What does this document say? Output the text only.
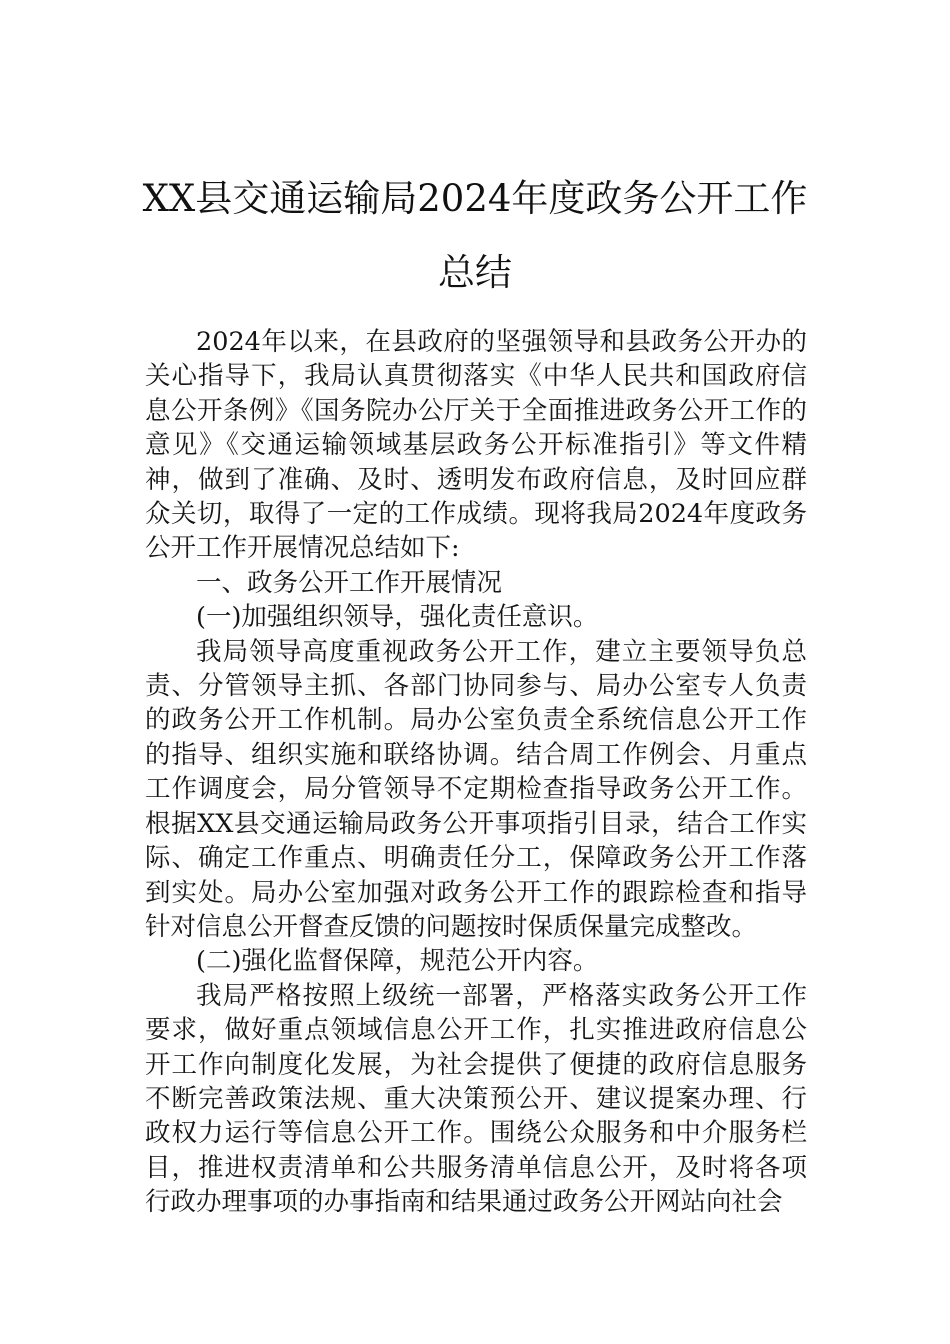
XX县交通运输局2024年度政务公开工作
总结

2024年以来，在县政府的坚强领导和县政务公开办的关心指导下，我局认真贯彻落实《中华人民共和国政府信息公开条例》《国务院办公厅关于全面推进政务公开工作的意见》《交通运输领域基层政务公开标准指引》等文件精神，做到了准确、及时、透明发布政府信息，及时回应群众关切，取得了一定的工作成绩。现将我局2024年度政务公开工作开展情况总结如下:

一、政务公开工作开展情况

(一)加强组织领导，强化责任意识。

我局领导高度重视政务公开工作，建立主要领导负总责、分管领导主抓、各部门协同参与、局办公室专人负责的政务公开工作机制。局办公室负责全系统信息公开工作的指导、组织实施和联络协调。结合周工作例会、月重点工作调度会，局分管领导不定期检查指导政务公开工作。根据XX县交通运输局政务公开事项指引目录，结合工作实际、确定工作重点、明确责任分工，保障政务公开工作落到实处。局办公室加强对政务公开工作的跟踪检查和指导针对信息公开督查反馈的问题按时保质保量完成整改。

(二)强化监督保障，规范公开内容。

我局严格按照上级统一部署，严格落实政务公开工作要求，做好重点领域信息公开工作，扎实推进政府信息公开工作向制度化发展，为社会提供了便捷的政府信息服务不断完善政策法规、重大决策预公开、建议提案办理、行政权力运行等信息公开工作。围绕公众服务和中介服务栏目，推进权责清单和公共服务清单信息公开，及时将各项行政办理事项的办事指南和结果通过政务公开网站向社会
